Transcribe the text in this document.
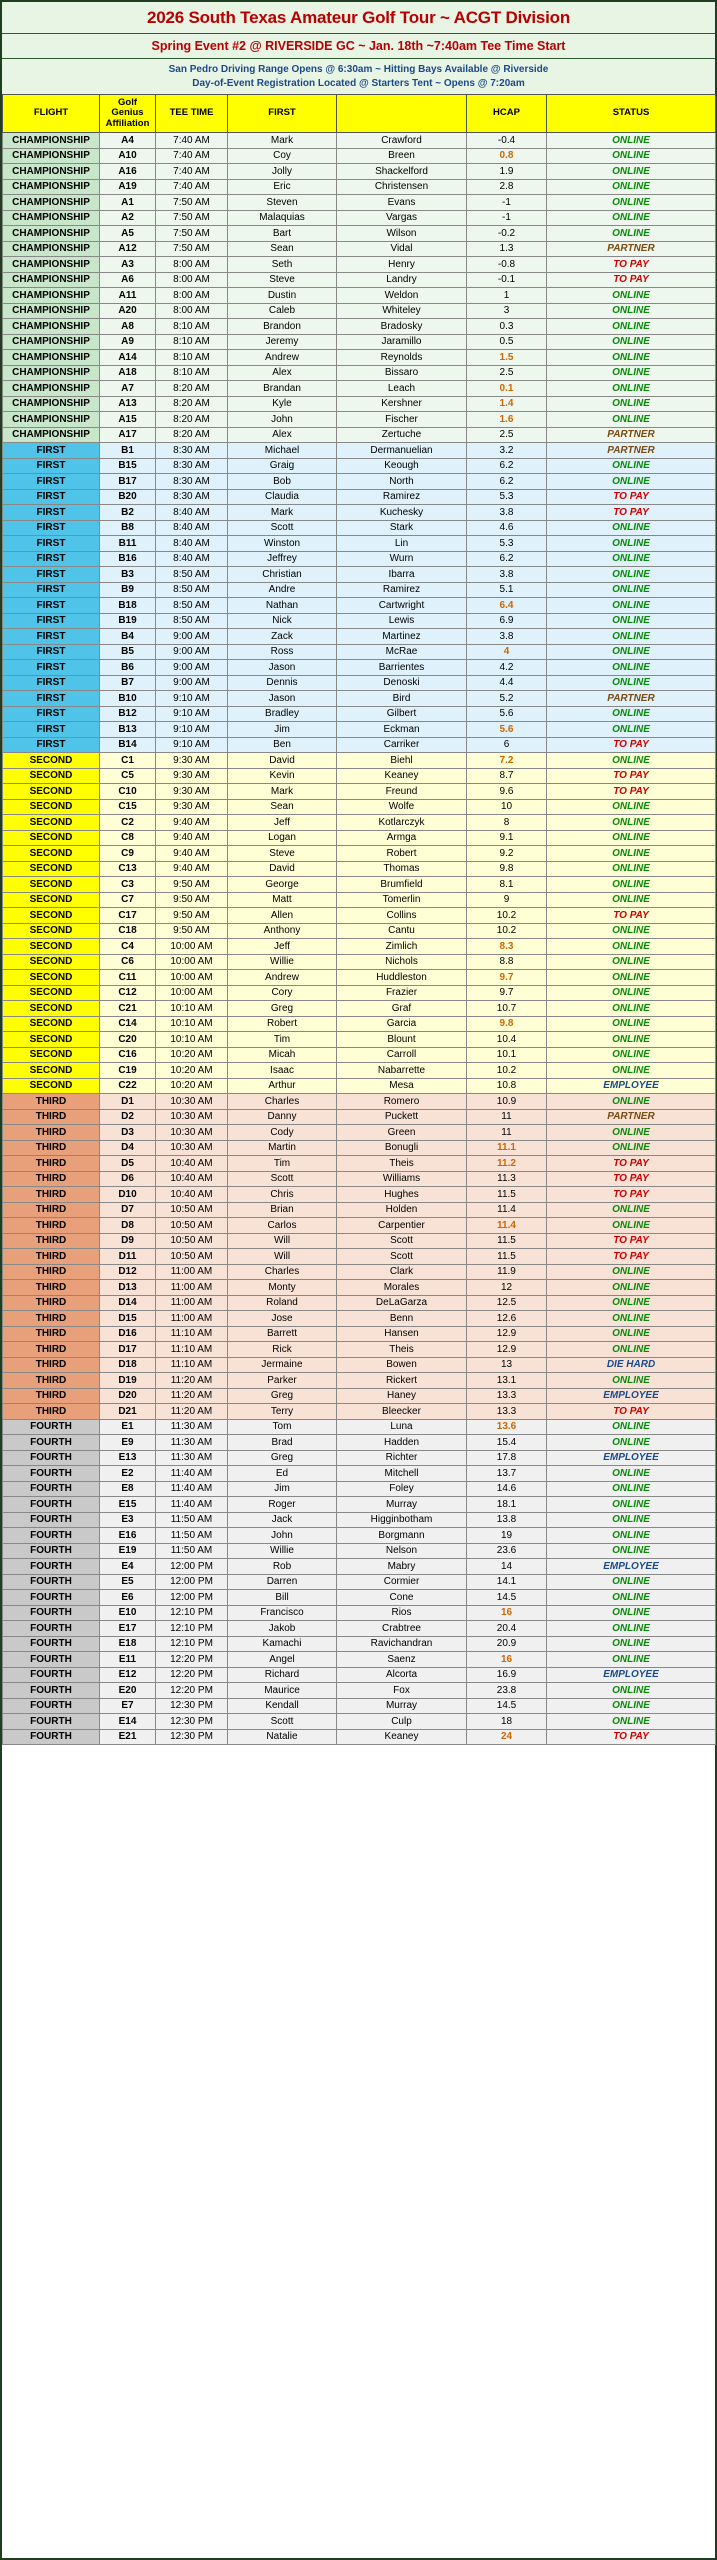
2026 South Texas Amateur Golf Tour ~ ACGT Division
Spring Event #2 @ RIVERSIDE GC ~ Jan. 18th ~7:40am Tee Time Start
San Pedro Driving Range Opens @ 6:30am ~ Hitting Bays Available @ Riverside
Day-of-Event Registration Located @ Starters Tent ~ Opens @ 7:20am
FLIGHT	Golf Genius Affiliation	TEE TIME	FIRST		HCAP	STATUS
CHAMPIONSHIP	A4	7:40 AM	Mark	Crawford	-0.4	ONLINE
CHAMPIONSHIP	A10	7:40 AM	Coy	Breen	0.8	ONLINE
CHAMPIONSHIP	A16	7:40 AM	Jolly	Shackelford	1.9	ONLINE
CHAMPIONSHIP	A19	7:40 AM	Eric	Christensen	2.8	ONLINE
CHAMPIONSHIP	A1	7:50 AM	Steven	Evans	-1	ONLINE
CHAMPIONSHIP	A2	7:50 AM	Malaquias	Vargas	-1	ONLINE
CHAMPIONSHIP	A5	7:50 AM	Bart	Wilson	-0.2	ONLINE
CHAMPIONSHIP	A12	7:50 AM	Sean	Vidal	1.3	PARTNER
CHAMPIONSHIP	A3	8:00 AM	Seth	Henry	-0.8	TO PAY
CHAMPIONSHIP	A6	8:00 AM	Steve	Landry	-0.1	TO PAY
CHAMPIONSHIP	A11	8:00 AM	Dustin	Weldon	1	ONLINE
CHAMPIONSHIP	A20	8:00 AM	Caleb	Whiteley	3	ONLINE
CHAMPIONSHIP	A8	8:10 AM	Brandon	Bradosky	0.3	ONLINE
CHAMPIONSHIP	A9	8:10 AM	Jeremy	Jaramillo	0.5	ONLINE
CHAMPIONSHIP	A14	8:10 AM	Andrew	Reynolds	1.5	ONLINE
CHAMPIONSHIP	A18	8:10 AM	Alex	Bissaro	2.5	ONLINE
CHAMPIONSHIP	A7	8:20 AM	Brandan	Leach	0.1	ONLINE
CHAMPIONSHIP	A13	8:20 AM	Kyle	Kershner	1.4	ONLINE
CHAMPIONSHIP	A15	8:20 AM	John	Fischer	1.6	ONLINE
CHAMPIONSHIP	A17	8:20 AM	Alex	Zertuche	2.5	PARTNER
FIRST	B1	8:30 AM	Michael	Dermanuelian	3.2	PARTNER
FIRST	B15	8:30 AM	Graig	Keough	6.2	ONLINE
FIRST	B17	8:30 AM	Bob	North	6.2	ONLINE
FIRST	B20	8:30 AM	Claudia	Ramirez	5.3	TO PAY
FIRST	B2	8:40 AM	Mark	Kuchesky	3.8	TO PAY
FIRST	B8	8:40 AM	Scott	Stark	4.6	ONLINE
FIRST	B11	8:40 AM	Winston	Lin	5.3	ONLINE
FIRST	B16	8:40 AM	Jeffrey	Wurn	6.2	ONLINE
FIRST	B3	8:50 AM	Christian	Ibarra	3.8	ONLINE
FIRST	B9	8:50 AM	Andre	Ramirez	5.1	ONLINE
FIRST	B18	8:50 AM	Nathan	Cartwright	6.4	ONLINE
FIRST	B19	8:50 AM	Nick	Lewis	6.9	ONLINE
FIRST	B4	9:00 AM	Zack	Martinez	3.8	ONLINE
FIRST	B5	9:00 AM	Ross	McRae	4	ONLINE
FIRST	B6	9:00 AM	Jason	Barrientes	4.2	ONLINE
FIRST	B7	9:00 AM	Dennis	Denoski	4.4	ONLINE
FIRST	B10	9:10 AM	Jason	Bird	5.2	PARTNER
FIRST	B12	9:10 AM	Bradley	Gilbert	5.6	ONLINE
FIRST	B13	9:10 AM	Jim	Eckman	5.6	ONLINE
FIRST	B14	9:10 AM	Ben	Carriker	6	TO PAY
SECOND	C1	9:30 AM	David	Biehl	7.2	ONLINE
SECOND	C5	9:30 AM	Kevin	Keaney	8.7	TO PAY
SECOND	C10	9:30 AM	Mark	Freund	9.6	TO PAY
SECOND	C15	9:30 AM	Sean	Wolfe	10	ONLINE
SECOND	C2	9:40 AM	Jeff	Kotlarczyk	8	ONLINE
SECOND	C8	9:40 AM	Logan	Armga	9.1	ONLINE
SECOND	C9	9:40 AM	Steve	Robert	9.2	ONLINE
SECOND	C13	9:40 AM	David	Thomas	9.8	ONLINE
SECOND	C3	9:50 AM	George	Brumfield	8.1	ONLINE
SECOND	C7	9:50 AM	Matt	Tomerlin	9	ONLINE
SECOND	C17	9:50 AM	Allen	Collins	10.2	TO PAY
SECOND	C18	9:50 AM	Anthony	Cantu	10.2	ONLINE
SECOND	C4	10:00 AM	Jeff	Zimlich	8.3	ONLINE
SECOND	C6	10:00 AM	Willie	Nichols	8.8	ONLINE
SECOND	C11	10:00 AM	Andrew	Huddleston	9.7	ONLINE
SECOND	C12	10:00 AM	Cory	Frazier	9.7	ONLINE
SECOND	C21	10:10 AM	Greg	Graf	10.7	ONLINE
SECOND	C14	10:10 AM	Robert	Garcia	9.8	ONLINE
SECOND	C20	10:10 AM	Tim	Blount	10.4	ONLINE
SECOND	C16	10:20 AM	Micah	Carroll	10.1	ONLINE
SECOND	C19	10:20 AM	Isaac	Nabarrette	10.2	ONLINE
SECOND	C22	10:20 AM	Arthur	Mesa	10.8	EMPLOYEE
THIRD	D1	10:30 AM	Charles	Romero	10.9	ONLINE
THIRD	D2	10:30 AM	Danny	Puckett	11	PARTNER
THIRD	D3	10:30 AM	Cody	Green	11	ONLINE
THIRD	D4	10:30 AM	Martin	Bonugli	11.1	ONLINE
THIRD	D5	10:40 AM	Tim	Theis	11.2	TO PAY
THIRD	D6	10:40 AM	Scott	Williams	11.3	TO PAY
THIRD	D10	10:40 AM	Chris	Hughes	11.5	TO PAY
THIRD	D7	10:50 AM	Brian	Holden	11.4	ONLINE
THIRD	D8	10:50 AM	Carlos	Carpentier	11.4	ONLINE
THIRD	D9	10:50 AM	Will	Scott	11.5	TO PAY
THIRD	D11	10:50 AM	Will	Scott	11.5	TO PAY
THIRD	D12	11:00 AM	Charles	Clark	11.9	ONLINE
THIRD	D13	11:00 AM	Monty	Morales	12	ONLINE
THIRD	D14	11:00 AM	Roland	DeLaGarza	12.5	ONLINE
THIRD	D15	11:00 AM	Jose	Benn	12.6	ONLINE
THIRD	D16	11:10 AM	Barrett	Hansen	12.9	ONLINE
THIRD	D17	11:10 AM	Rick	Theis	12.9	ONLINE
THIRD	D18	11:10 AM	Jermaine	Bowen	13	DIE HARD
THIRD	D19	11:20 AM	Parker	Rickert	13.1	ONLINE
THIRD	D20	11:20 AM	Greg	Haney	13.3	EMPLOYEE
THIRD	D21	11:20 AM	Terry	Bleecker	13.3	TO PAY
FOURTH	E1	11:30 AM	Tom	Luna	13.6	ONLINE
FOURTH	E9	11:30 AM	Brad	Hadden	15.4	ONLINE
FOURTH	E13	11:30 AM	Greg	Richter	17.8	EMPLOYEE
FOURTH	E2	11:40 AM	Ed	Mitchell	13.7	ONLINE
FOURTH	E8	11:40 AM	Jim	Foley	14.6	ONLINE
FOURTH	E15	11:40 AM	Roger	Murray	18.1	ONLINE
FOURTH	E3	11:50 AM	Jack	Higginbotham	13.8	ONLINE
FOURTH	E16	11:50 AM	John	Borgmann	19	ONLINE
FOURTH	E19	11:50 AM	Willie	Nelson	23.6	ONLINE
FOURTH	E4	12:00 PM	Rob	Mabry	14	EMPLOYEE
FOURTH	E5	12:00 PM	Darren	Cormier	14.1	ONLINE
FOURTH	E6	12:00 PM	Bill	Cone	14.5	ONLINE
FOURTH	E10	12:10 PM	Francisco	Rios	16	ONLINE
FOURTH	E17	12:10 PM	Jakob	Crabtree	20.4	ONLINE
FOURTH	E18	12:10 PM	Kamachi	Ravichandran	20.9	ONLINE
FOURTH	E11	12:20 PM	Angel	Saenz	16	ONLINE
FOURTH	E12	12:20 PM	Richard	Alcorta	16.9	EMPLOYEE
FOURTH	E20	12:20 PM	Maurice	Fox	23.8	ONLINE
FOURTH	E7	12:30 PM	Kendall	Murray	14.5	ONLINE
FOURTH	E14	12:30 PM	Scott	Culp	18	ONLINE
FOURTH	E21	12:30 PM	Natalie	Keaney	24	TO PAY
